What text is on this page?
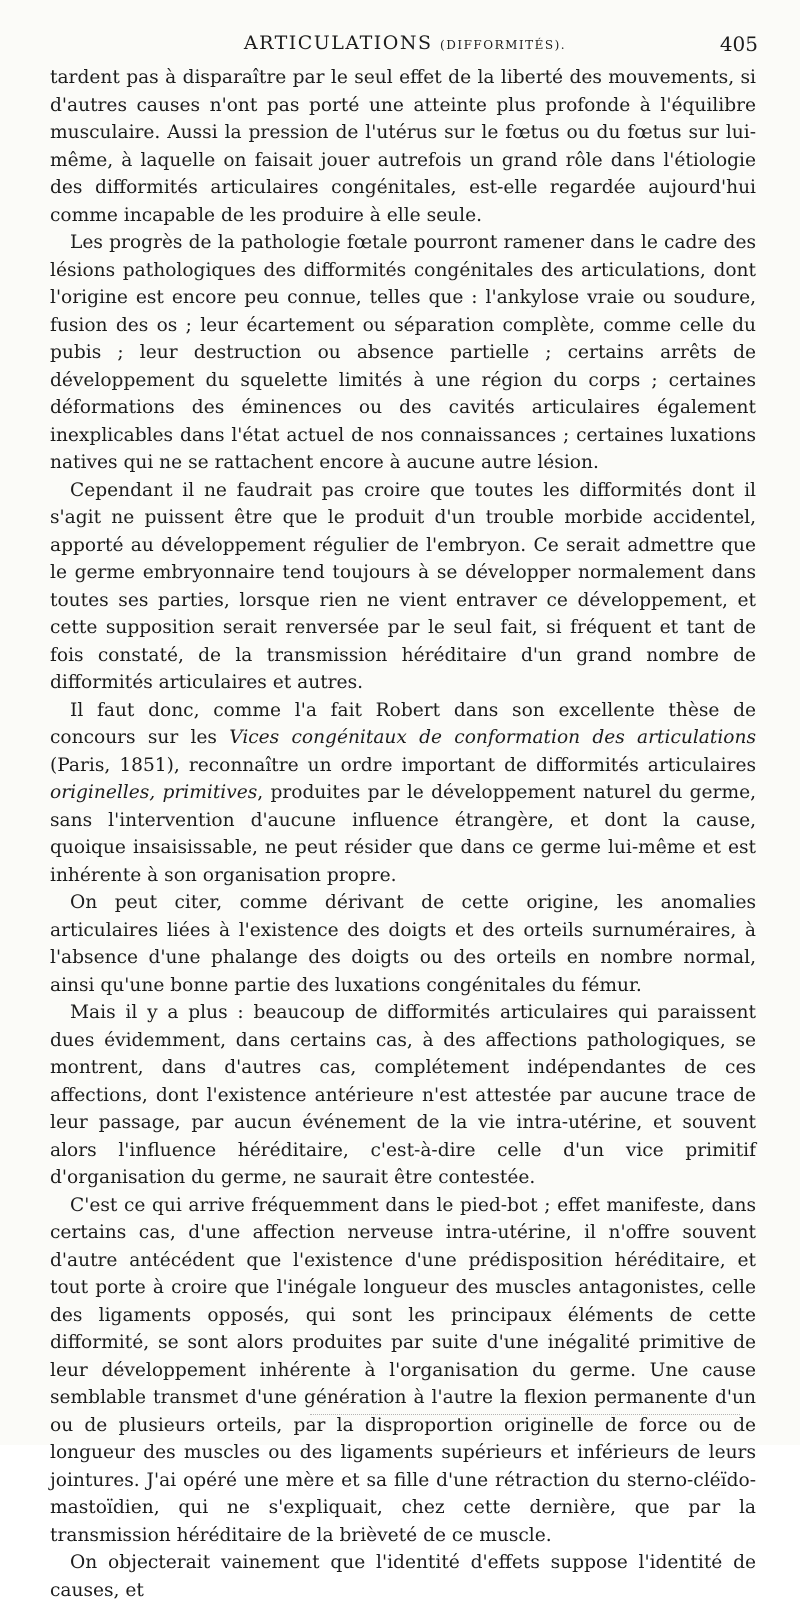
ARTICULATIONS (DIFFORMITÉS).	405

tardent pas à disparaître par le seul effet de la liberté des mouvements, si d'autres causes n'ont pas porté une atteinte plus profonde à l'équilibre musculaire. Aussi la pression de l'utérus sur le fœtus ou du fœtus sur lui-même, à laquelle on faisait jouer autrefois un grand rôle dans l'étiologie des difformités articulaires congénitales, est-elle regardée aujourd'hui comme incapable de les produire à elle seule.

Les progrès de la pathologie fœtale pourront ramener dans le cadre des lésions pathologiques des difformités congénitales des articulations, dont l'origine est encore peu connue, telles que : l'ankylose vraie ou soudure, fusion des os ; leur écartement ou séparation complète, comme celle du pubis ; leur destruction ou absence partielle ; certains arrêts de développement du squelette limités à une région du corps ; certaines déformations des éminences ou des cavités articulaires également inexplicables dans l'état actuel de nos connaissances ; certaines luxations natives qui ne se rattachent encore à aucune autre lésion.

Cependant il ne faudrait pas croire que toutes les difformités dont il s'agit ne puissent être que le produit d'un trouble morbide accidentel, apporté au développement régulier de l'embryon. Ce serait admettre que le germe embryonnaire tend toujours à se développer normalement dans toutes ses parties, lorsque rien ne vient entraver ce développement, et cette supposition serait renversée par le seul fait, si fréquent et tant de fois constaté, de la transmission héréditaire d'un grand nombre de difformités articulaires et autres.

Il faut donc, comme l'a fait Robert dans son excellente thèse de concours sur les Vices congénitaux de conformation des articulations (Paris, 1851), reconnaître un ordre important de difformités articulaires originelles, primitives, produites par le développement naturel du germe, sans l'intervention d'aucune influence étrangère, et dont la cause, quoique insaisissable, ne peut résider que dans ce germe lui-même et est inhérente à son organisation propre.

On peut citer, comme dérivant de cette origine, les anomalies articulaires liées à l'existence des doigts et des orteils surnuméraires, à l'absence d'une phalange des doigts ou des orteils en nombre normal, ainsi qu'une bonne partie des luxations congénitales du fémur.

Mais il y a plus : beaucoup de difformités articulaires qui paraissent dues évidemment, dans certains cas, à des affections pathologiques, se montrent, dans d'autres cas, complétement indépendantes de ces affections, dont l'existence antérieure n'est attestée par aucune trace de leur passage, par aucun événement de la vie intra-utérine, et souvent alors l'influence héréditaire, c'est-à-dire celle d'un vice primitif d'organisation du germe, ne saurait être contestée.

C'est ce qui arrive fréquemment dans le pied-bot ; effet manifeste, dans certains cas, d'une affection nerveuse intra-utérine, il n'offre souvent d'autre antécédent que l'existence d'une prédisposition héréditaire, et tout porte à croire que l'inégale longueur des muscles antagonistes, celle des ligaments opposés, qui sont les principaux éléments de cette difformité, se sont alors produites par suite d'une inégalité primitive de leur développement inhérente à l'organisation du germe. Une cause semblable transmet d'une génération à l'autre la flexion permanente d'un ou de plusieurs orteils, par la disproportion originelle de force ou de longueur des muscles ou des ligaments supérieurs et inférieurs de leurs jointures. J'ai opéré une mère et sa fille d'une rétraction du sterno-cléïdo-mastoïdien, qui ne s'expliquait, chez cette dernière, que par la transmission héréditaire de la brièveté de ce muscle.

On objecterait vainement que l'identité d'effets suppose l'identité de causes, et
